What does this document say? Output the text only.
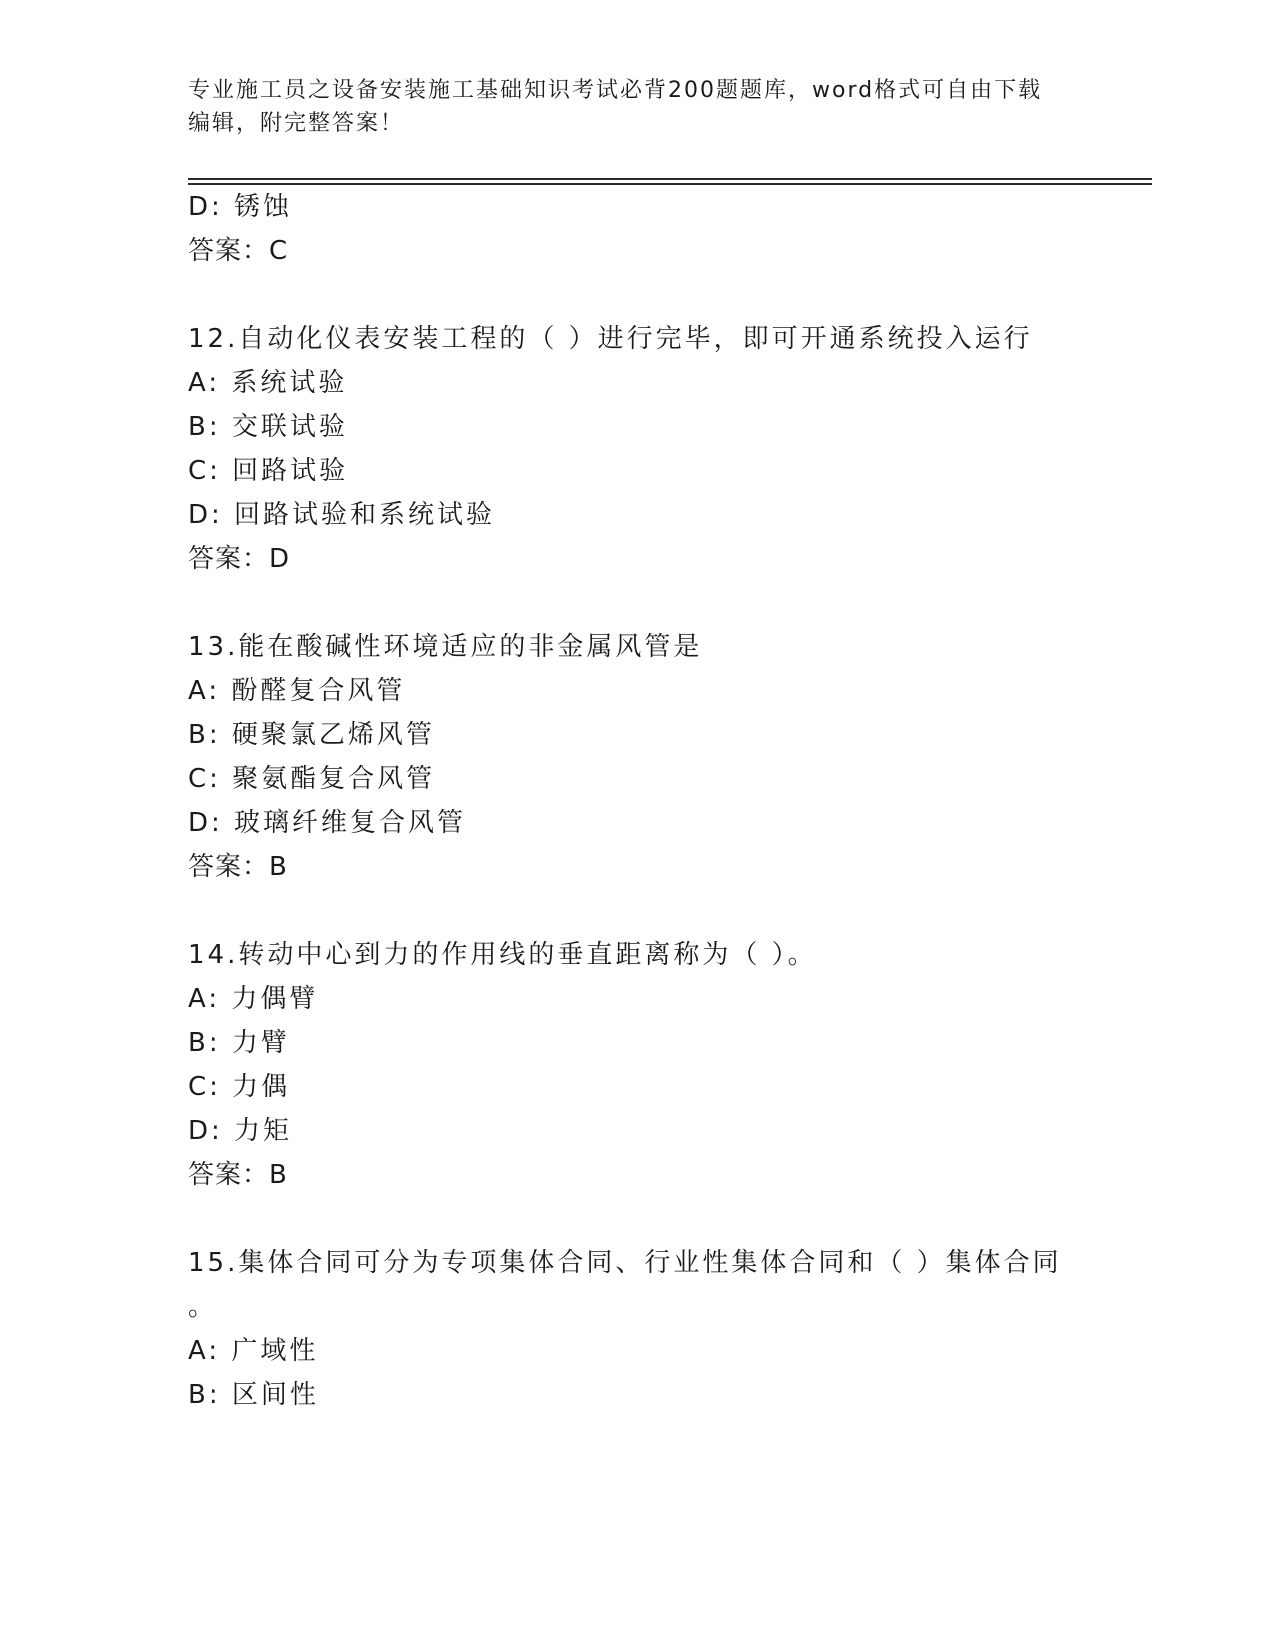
专业施工员之设备安装施工基础知识考试必背200题题库，word格式可自由下载
编辑，附完整答案！
D: 锈蚀
答案：C
12.自动化仪表安装工程的（ ）进行完毕，即可开通系统投入运行
A: 系统试验
B: 交联试验
C: 回路试验
D: 回路试验和系统试验
答案：D
13.能在酸碱性环境适应的非金属风管是
A: 酚醛复合风管
B: 硬聚氯乙烯风管
C: 聚氨酯复合风管
D: 玻璃纤维复合风管
答案：B
14.转动中心到力的作用线的垂直距离称为（ ）。
A: 力偶臂
B: 力臂
C: 力偶
D: 力矩
答案：B
15.集体合同可分为专项集体合同、行业性集体合同和（ ）集体合同
。
A: 广域性
B: 区间性
